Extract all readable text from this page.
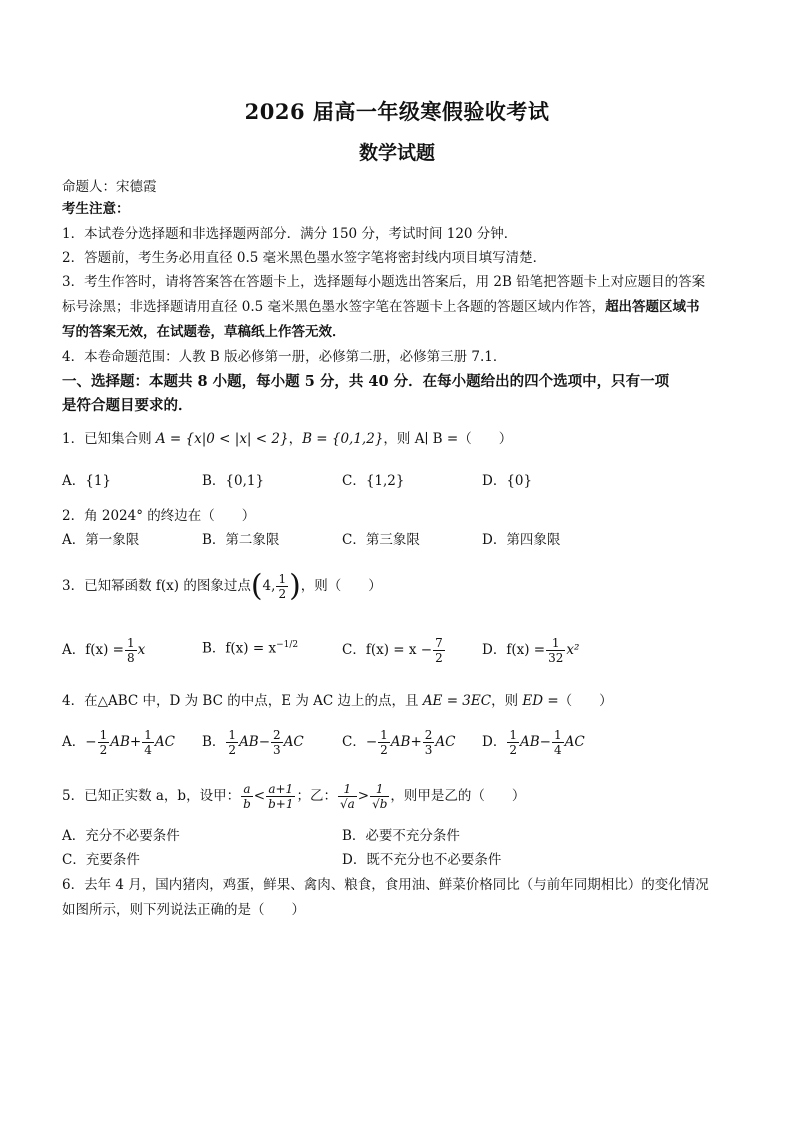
2026 届高一年级寒假验收考试
数学试题
命题人：宋德霞
考生注意：
1．本试卷分选择题和非选择题两部分．满分 150 分，考试时间 120 分钟．
2．答题前，考生务必用直径 0.5 毫米黑色墨水签字笔将密封线内项目填写清楚．
3．考生作答时，请将答案答在答题卡上，选择题每小题选出答案后，用 2B 铅笔把答题卡上对应题目的答案
标号涂黑；非选择题请用直径 0.5 毫米黑色墨水签字笔在答题卡上各题的答题区域内作答，超出答题区域书
写的答案无效，在试题卷，草稿纸上作答无效．
4．本卷命题范围：人教 B 版必修第一册，必修第二册，必修第三册 7.1．
一、选择题：本题共 8 小题，每小题 5 分，共 40 分．在每小题给出的四个选项中，只有一项
是符合题目要求的．
1．已知集合则 A = {x|0 < |x| < 2}，B = {0,1,2}，则 A∣ B =（　　）
A．{1}	B．{0,1}	C．{1,2}	D．{0}
2．角 2024° 的终边在（　　）
A．第一象限	B．第二象限	C．第三象限	D．第四象限
3．已知幂函数 f(x) 的图象过点(4, $\frac{1}{2}$ )，则（　　）
A．$f(x) = \frac{1}{8}$ x	B．$f(x) = x^{-1/2}$	C．$f(x) = x - \frac{7}{2}$	D．$f(x) = \frac{1}{32} x^2$
4．在△ABC 中，D 为 BC 的中点，E 为 AC 边上的点，且 AE = 3EC，则 ED =（　　）
A．− $\frac{1}{2} AB+ \frac{1}{4}$ AC B． $\frac{1}{2} AB- \frac{2}{3}$ AC	C．− $\frac{1}{2} AB+ \frac{2}{3}$ AC D． $\frac{1}{2} AB- \frac{1}{4}$ AC
5．已知正实数 a，b，设甲： $\frac{a}{b} < \frac{a+1}{b+1}$ ；乙： $\frac{1}{√a} > \frac{1}{√b}$ ，则甲是乙的（　　）
A．充分不必要条件	B．必要不充分条件
C．充要条件	D．既不充分也不必要条件
6．去年 4 月，国内猪肉，鸡蛋，鲜果、禽肉、粮食，食用油、鲜菜价格同比（与前年同期相比）的变化情况
如图所示，则下列说法正确的是（　　）
